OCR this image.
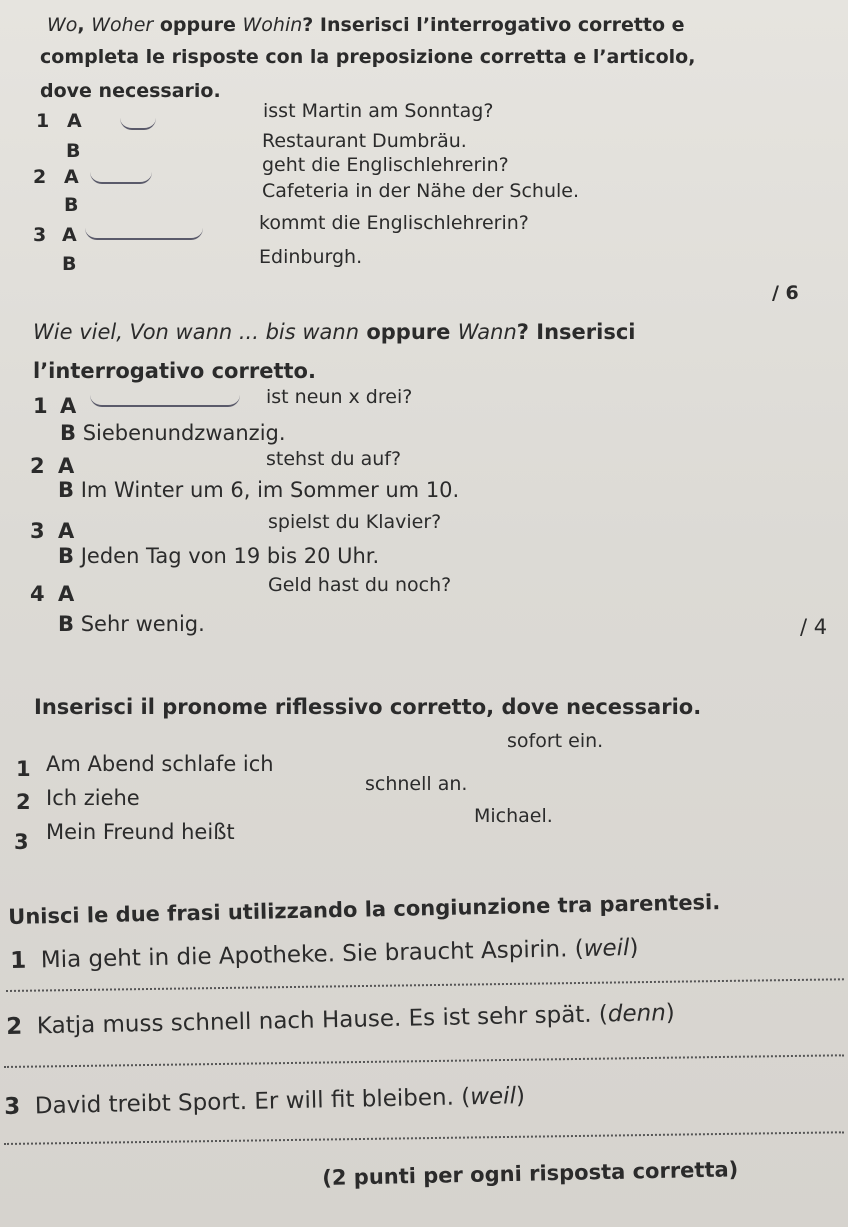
Wo, Woher oppure Wohin? Inserisci l’interrogativo corretto e
completa le risposte con la preposizione corretta e l’articolo,
dove necessario.
1 A	isst Martin am Sonntag?
B	Restaurant Dumbräu.
2 A
geht die Englischlehrerin?
B
Cafeteria in der Nähe der Schule.
3 A
kommt die Englischlehrerin?
B	Edinburgh.
/ 6
Wie viel, Von wann ... bis wann oppure Wann? Inserisci
l’interrogativo corretto.
1 A	ist neun x drei?
B Siebenundzwanzig.
2 A	stehst du auf?
B Im Winter um 6, im Sommer um 10.
3 A	spielst du Klavier?
B Jeden Tag von 19 bis 20 Uhr.
4 A	Geld hast du noch?
B Sehr wenig.	/ 4
Inserisci il pronome riflessivo corretto, dove necessario.
1 Am Abend schlafe ich
sofort ein.
2 Ich ziehe
schnell an.
3 Mein Freund heißt
Michael.
Unisci le due frasi utilizzando la congiunzione tra parentesi.
1 Mia geht in die Apotheke. Sie braucht Aspirin. (weil)
2 Katja muss schnell nach Hause. Es ist sehr spät. (denn)
3 David treibt Sport. Er will fit bleiben. (weil)
(2 punti per ogni risposta corretta)
